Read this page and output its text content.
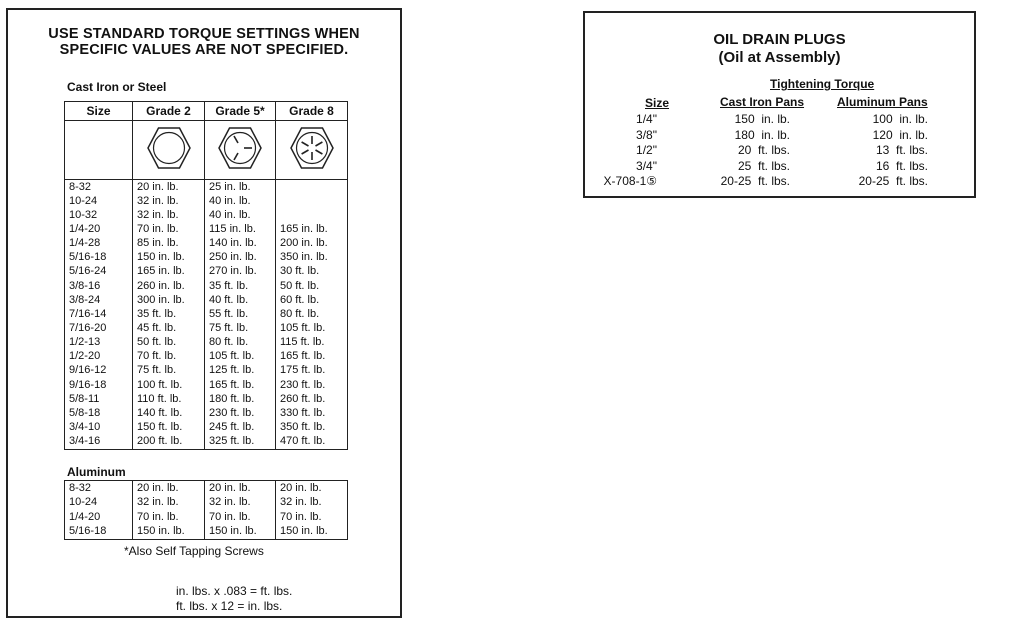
USE STANDARD TORQUE SETTINGS WHEN
SPECIFIC VALUES ARE NOT SPECIFIED.
Cast Iron or Steel
Size	Grade 2	Grade 5*	Grade 8

8-32	20 in. lb.	25 in. lb.	
10-24	32 in. lb.	40 in. lb.	
10-32	32 in. lb.	40 in. lb.	
1/4-20	70 in. lb.	115 in. lb.	165 in. lb.
1/4-28	85 in. lb.	140 in. lb.	200 in. lb.
5/16-18	150 in. lb.	250 in. lb.	350 in. lb.
5/16-24	165 in. lb.	270 in. lb.	30 ft. lb.
3/8-16	260 in. lb.	35 ft. lb.	50 ft. lb.
3/8-24	300 in. lb.	40 ft. lb.	60 ft. lb.
7/16-14	35 ft. lb.	55 ft. lb.	80 ft. lb.
7/16-20	45 ft. lb.	75 ft. lb.	105 ft. lb.
1/2-13	50 ft. lb.	80 ft. lb.	115 ft. lb.
1/2-20	70 ft. lb.	105 ft. lb.	165 ft. lb.
9/16-12	75 ft. lb.	125 ft. lb.	175 ft. lb.
9/16-18	100 ft. lb.	165 ft. lb.	230 ft. lb.
5/8-11	110 ft. lb.	180 ft. lb.	260 ft. lb.
5/8-18	140 ft. lb.	230 ft. lb.	330 ft. lb.
3/4-10	150 ft. lb.	245 ft. lb.	350 ft. lb.
3/4-16	200 ft. lb.	325 ft. lb.	470 ft. lb.
Aluminum
8-32	20 in. lb.	20 in. lb.	20 in. lb.
10-24	32 in. lb.	32 in. lb.	32 in. lb.
1/4-20	70 in. lb.	70 in. lb.	70 in. lb.
5/16-18	150 in. lb.	150 in. lb.	150 in. lb.
*Also Self Tapping Screws
in. lbs. x .083 = ft. lbs.
ft. lbs. x 12 = in. lbs.
OIL DRAIN PLUGS
(Oil at Assembly)
Tightening Torque
Size	Cast Iron Pans	Aluminum Pans
1/4"	150  in. lb.	100  in. lb.
3/8"	180  in. lb.	120  in. lb.
1/2"	20  ft. lbs.	13  ft. lbs.
3/4"	25  ft. lbs.	16  ft. lbs.
X-708-1⑤	20-25  ft. lbs.	20-25  ft. lbs.
